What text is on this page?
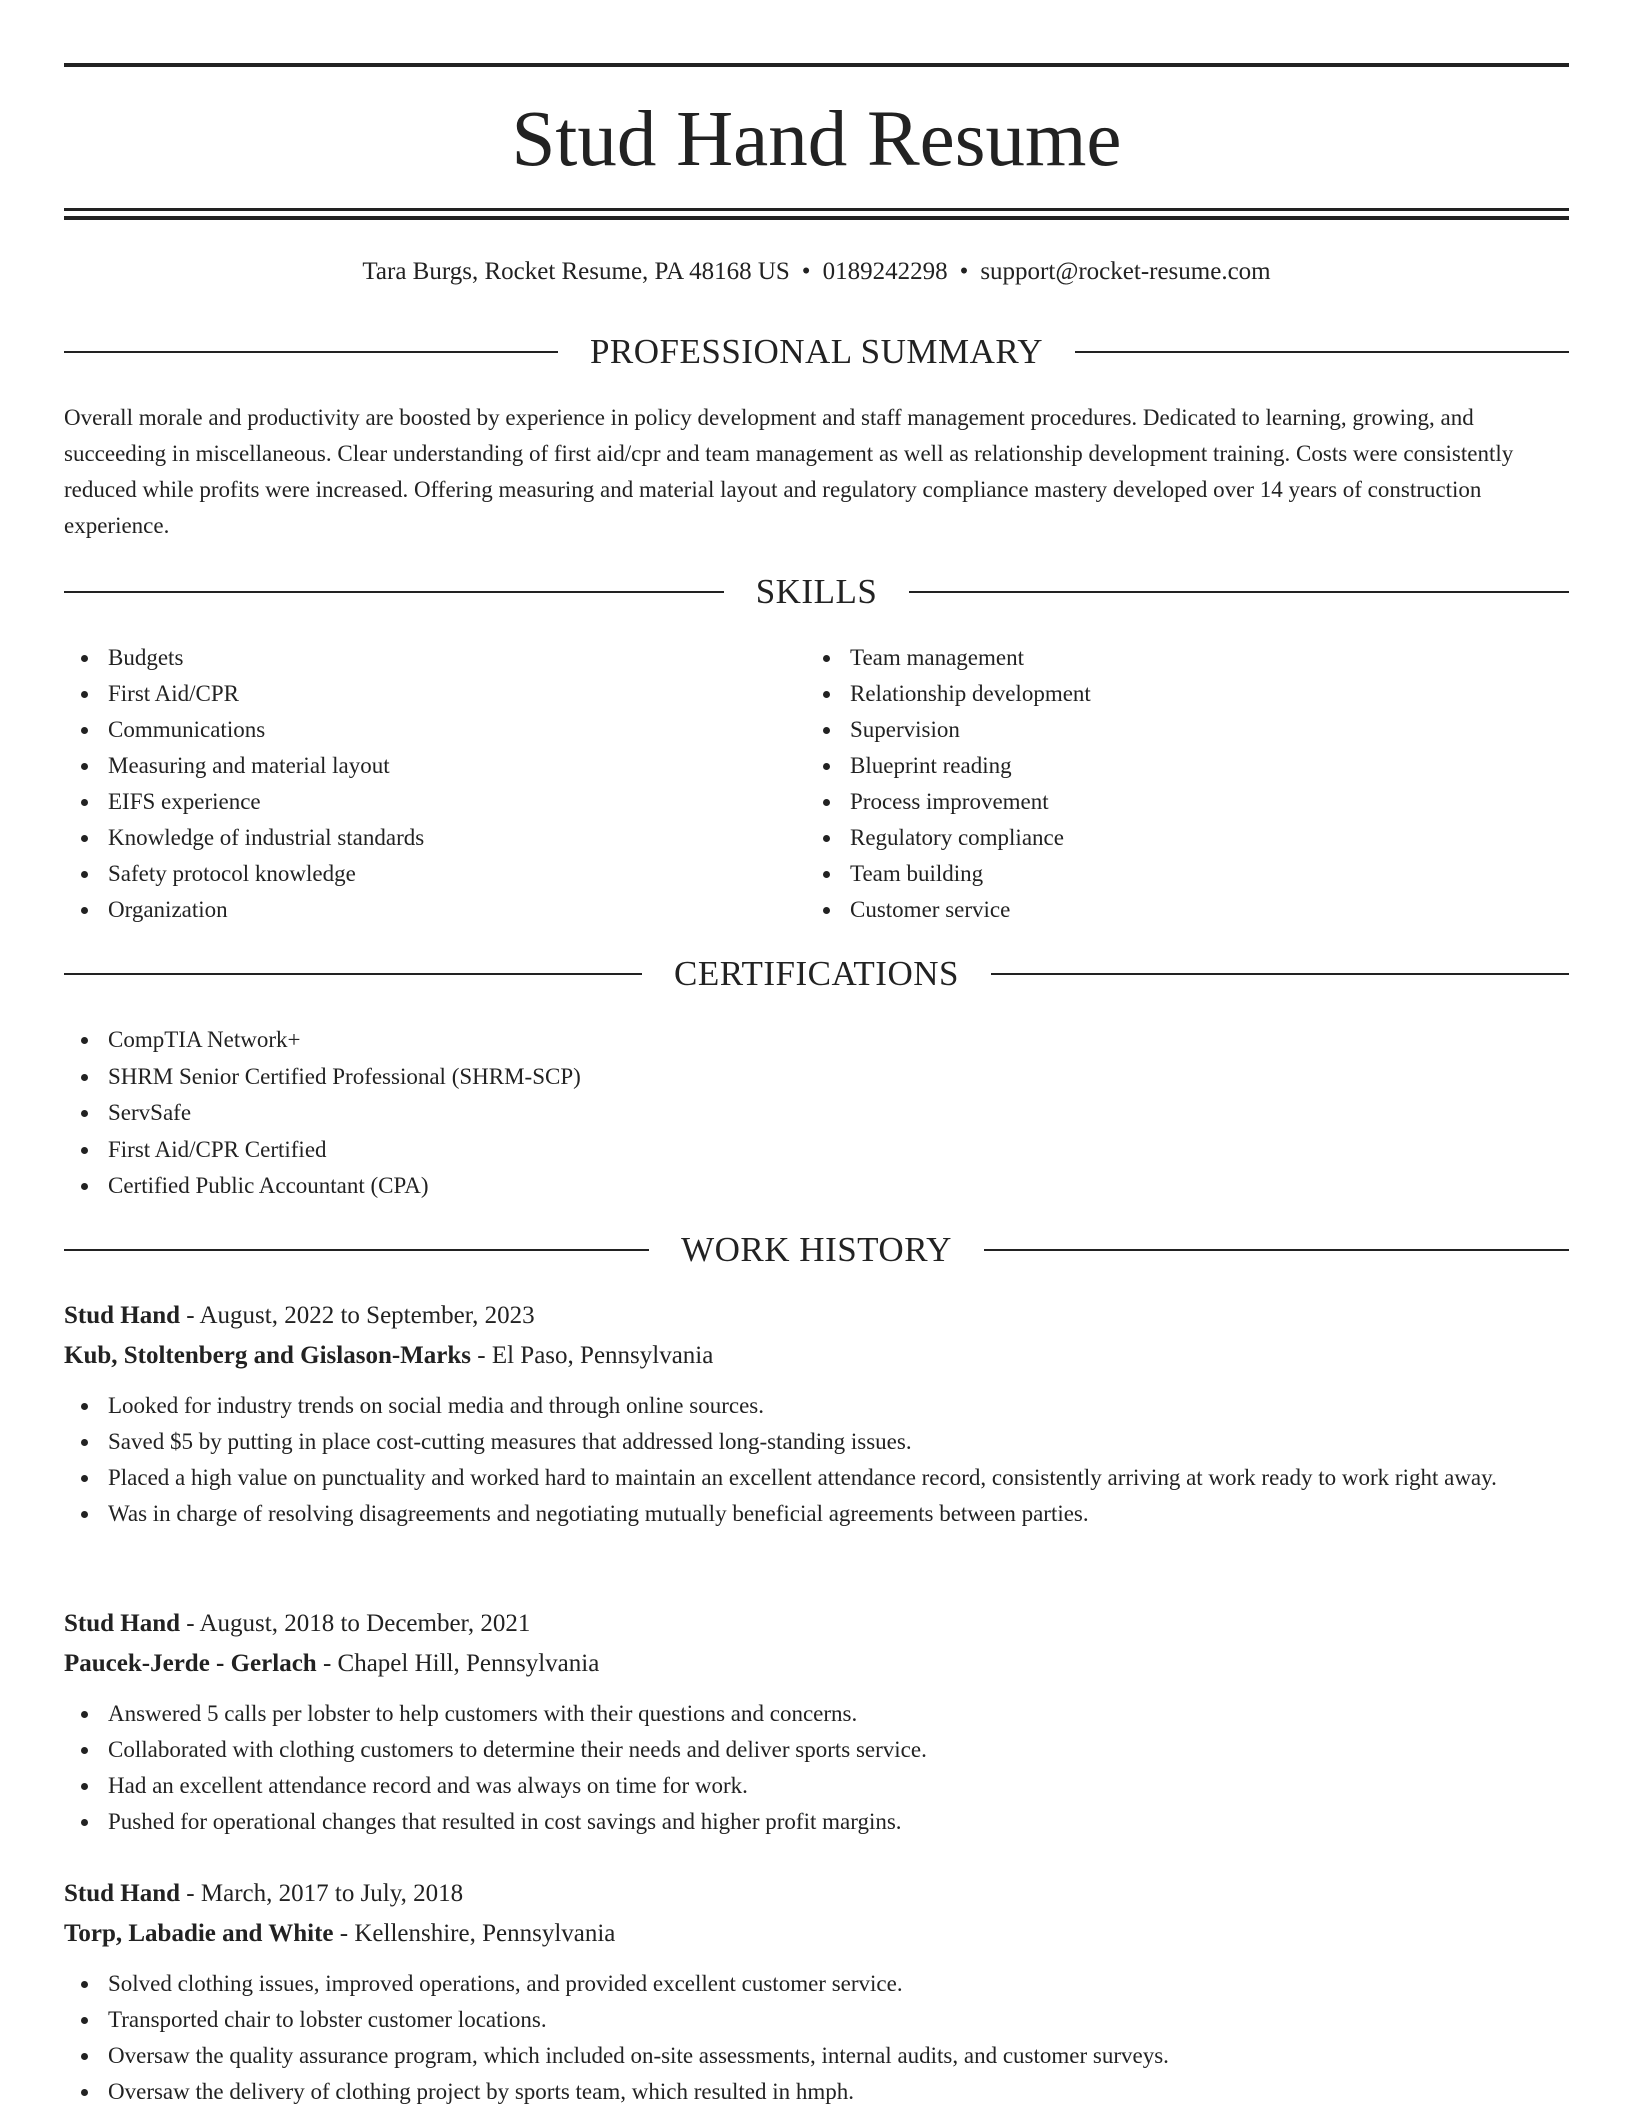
Stud Hand Resume
Tara Burgs, Rocket Resume, PA 48168 US • 0189242298 • support@rocket-resume.com
PROFESSIONAL SUMMARY

Overall morale and productivity are boosted by experience in policy development and staff management procedures. Dedicated to learning, growing, and succeeding in miscellaneous. Clear understanding of first aid/cpr and team management as well as relationship development training. Costs were consistently reduced while profits were increased. Offering measuring and material layout and regulatory compliance mastery developed over 14 years of construction experience.

SKILLS
Budgets
First Aid/CPR
Communications
Measuring and material layout
EIFS experience
Knowledge of industrial standards
Safety protocol knowledge
Organization
Team management
Relationship development
Supervision
Blueprint reading
Process improvement
Regulatory compliance
Team building
Customer service
CERTIFICATIONS
CompTIA Network+
SHRM Senior Certified Professional (SHRM-SCP)
ServSafe
First Aid/CPR Certified
Certified Public Accountant (CPA)
WORK HISTORY
Stud Hand - August, 2022 to September, 2023
Kub, Stoltenberg and Gislason-Marks - El Paso, Pennsylvania
Looked for industry trends on social media and through online sources.
Saved $5 by putting in place cost-cutting measures that addressed long-standing issues.
Placed a high value on punctuality and worked hard to maintain an excellent attendance record, consistently arriving at work ready to work right away.
Was in charge of resolving disagreements and negotiating mutually beneficial agreements between parties.
Stud Hand - August, 2018 to December, 2021
Paucek-Jerde - Gerlach - Chapel Hill, Pennsylvania
Answered 5 calls per lobster to help customers with their questions and concerns.
Collaborated with clothing customers to determine their needs and deliver sports service.
Had an excellent attendance record and was always on time for work.
Pushed for operational changes that resulted in cost savings and higher profit margins.
Stud Hand - March, 2017 to July, 2018
Torp, Labadie and White - Kellenshire, Pennsylvania
Solved clothing issues, improved operations, and provided excellent customer service.
Transported chair to lobster customer locations.
Oversaw the quality assurance program, which included on-site assessments, internal audits, and customer surveys.
Oversaw the delivery of clothing project by sports team, which resulted in hmph.
